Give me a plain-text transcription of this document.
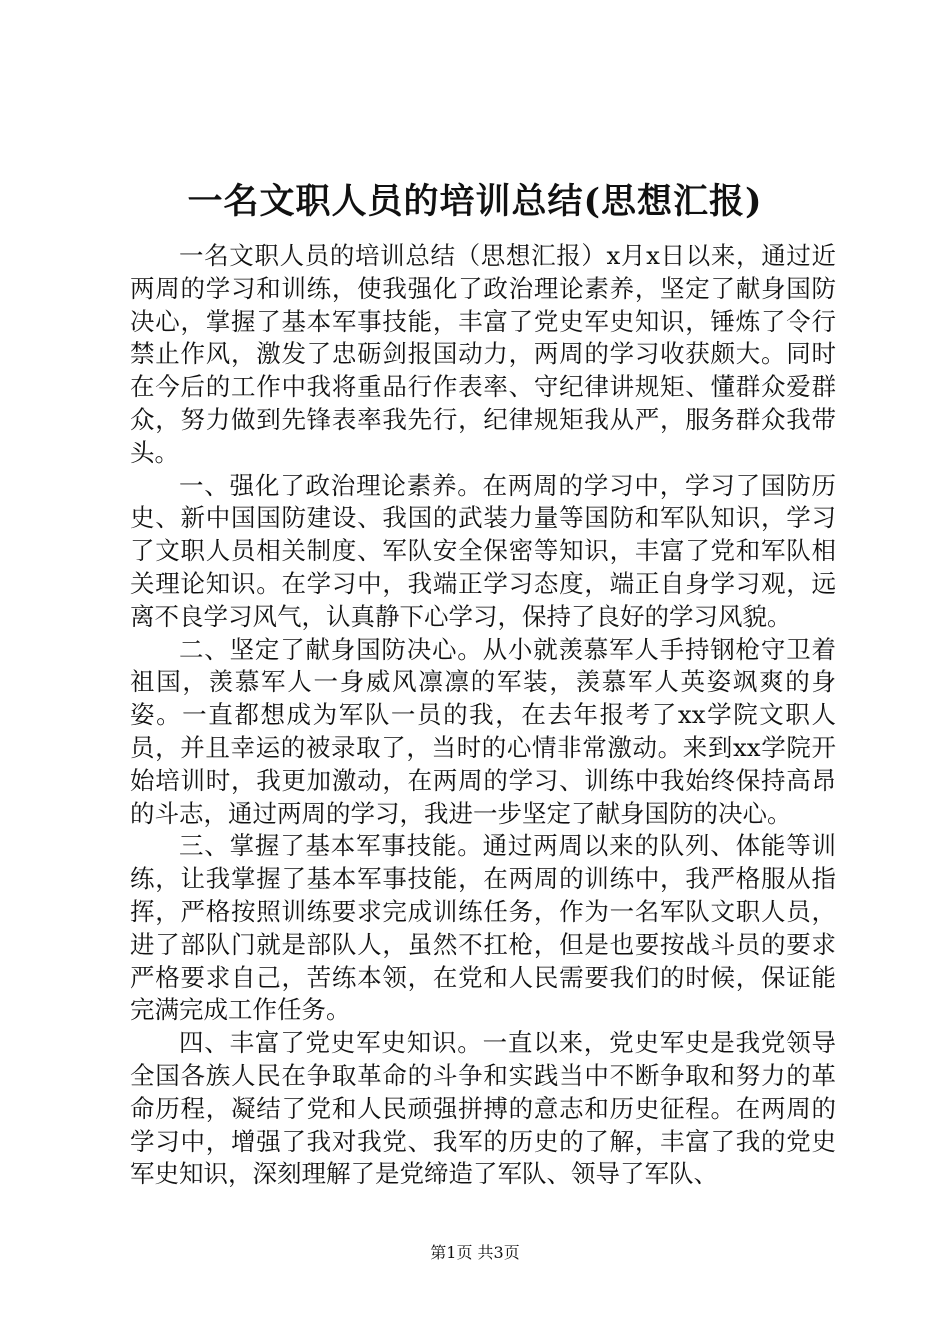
一名文职人员的培训总结(思想汇报)

一名文职人员的培训总结（思想汇报）x月x日以来，通过近两周的学习和训练，使我强化了政治理论素养，坚定了献身国防决心，掌握了基本军事技能，丰富了党史军史知识，锤炼了令行禁止作风，激发了忠砺剑报国动力，两周的学习收获颇大。同时在今后的工作中我将重品行作表率、守纪律讲规矩、懂群众爱群众，努力做到先锋表率我先行，纪律规矩我从严，服务群众我带头。

一、强化了政治理论素养。在两周的学习中，学习了国防历史、新中国国防建设、我国的武装力量等国防和军队知识，学习了文职人员相关制度、军队安全保密等知识，丰富了党和军队相关理论知识。在学习中，我端正学习态度，端正自身学习观，远离不良学习风气，认真静下心学习，保持了良好的学习风貌。

二、坚定了献身国防决心。从小就羡慕军人手持钢枪守卫着祖国，羡慕军人一身威风凛凛的军装，羡慕军人英姿飒爽的身姿。一直都想成为军队一员的我，在去年报考了xx学院文职人员，并且幸运的被录取了，当时的心情非常激动。来到xx学院开始培训时，我更加激动，在两周的学习、训练中我始终保持高昂的斗志，通过两周的学习，我进一步坚定了献身国防的决心。

三、掌握了基本军事技能。通过两周以来的队列、体能等训练，让我掌握了基本军事技能，在两周的训练中，我严格服从指挥，严格按照训练要求完成训练任务，作为一名军队文职人员，进了部队门就是部队人，虽然不扛枪，但是也要按战斗员的要求严格要求自己，苦练本领，在党和人民需要我们的时候，保证能完满完成工作任务。

四、丰富了党史军史知识。一直以来，党史军史是我党领导全国各族人民在争取革命的斗争和实践当中不断争取和努力的革命历程，凝结了党和人民顽强拼搏的意志和历史征程。在两周的学习中，增强了我对我党、我军的历史的了解，丰富了我的党史军史知识，深刻理解了是党缔造了军队、领导了军队、

第1页 共3页
